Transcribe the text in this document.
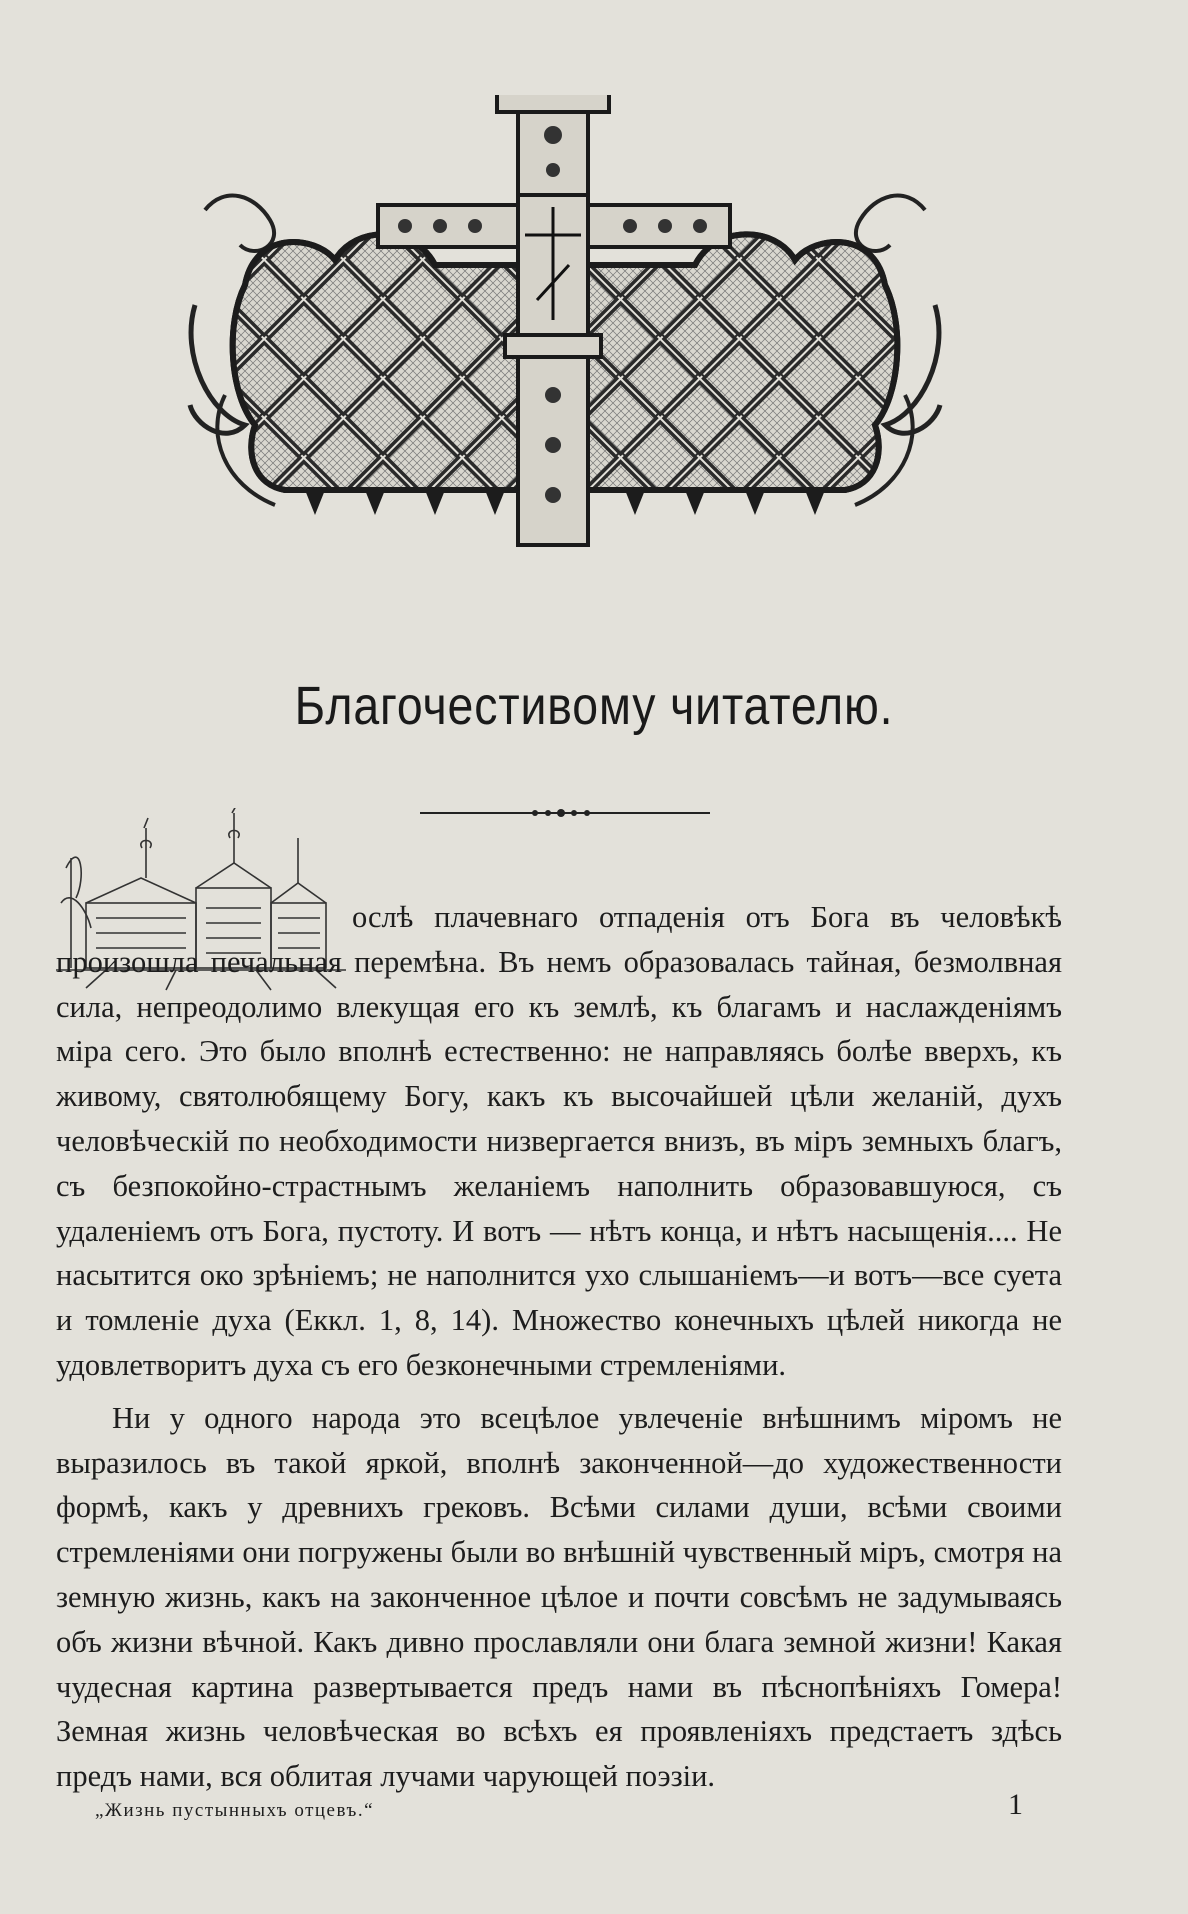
Благочестивому читателю.

ослѣ плачевнаго отпаденія отъ Бога въ человѣкѣ произошла печальная перемѣна. Въ немъ образовалась тайная, безмолвная сила, непреодолимо влекущая его къ землѣ, къ благамъ и наслажденіямъ міра сего. Это было вполнѣ естественно: не направляясь болѣе вверхъ, къ живому, святолюбящему Богу, какъ къ высочайшей цѣли желаній, духъ человѣческій по необходимости низвергается внизъ, въ міръ земныхъ благъ, съ безпокойно-страстнымъ желаніемъ наполнить образовавшуюся, съ удаленіемъ отъ Бога, пустоту. И вотъ — нѣтъ конца, и нѣтъ насыщенія.... Не насытится око зрѣніемъ; не наполнится ухо слышаніемъ—и вотъ—все суета и томленіе духа (Еккл. 1, 8, 14). Множество конечныхъ цѣлей никогда не удовлетворитъ духа съ его безконечными стремленіями.

Ни у одного народа это всецѣлое увлеченіе внѣшнимъ міромъ не выразилось въ такой яркой, вполнѣ законченной—до художественности формѣ, какъ у древнихъ грековъ. Всѣми силами души, всѣми своими стремленіями они погружены были во внѣшній чувственный міръ, смотря на земную жизнь, какъ на законченное цѣлое и почти совсѣмъ не задумываясь объ жизни вѣчной. Какъ дивно прославляли они блага земной жизни! Какая чудесная картина развертывается предъ нами въ пѣснопѣніяхъ Гомера! Земная жизнь человѣческая во всѣхъ ея проявленіяхъ предстаетъ здѣсь предъ нами, вся облитая лучами чарующей поэзіи.

„Жизнь пустынныхъ отцевъ.“	1
